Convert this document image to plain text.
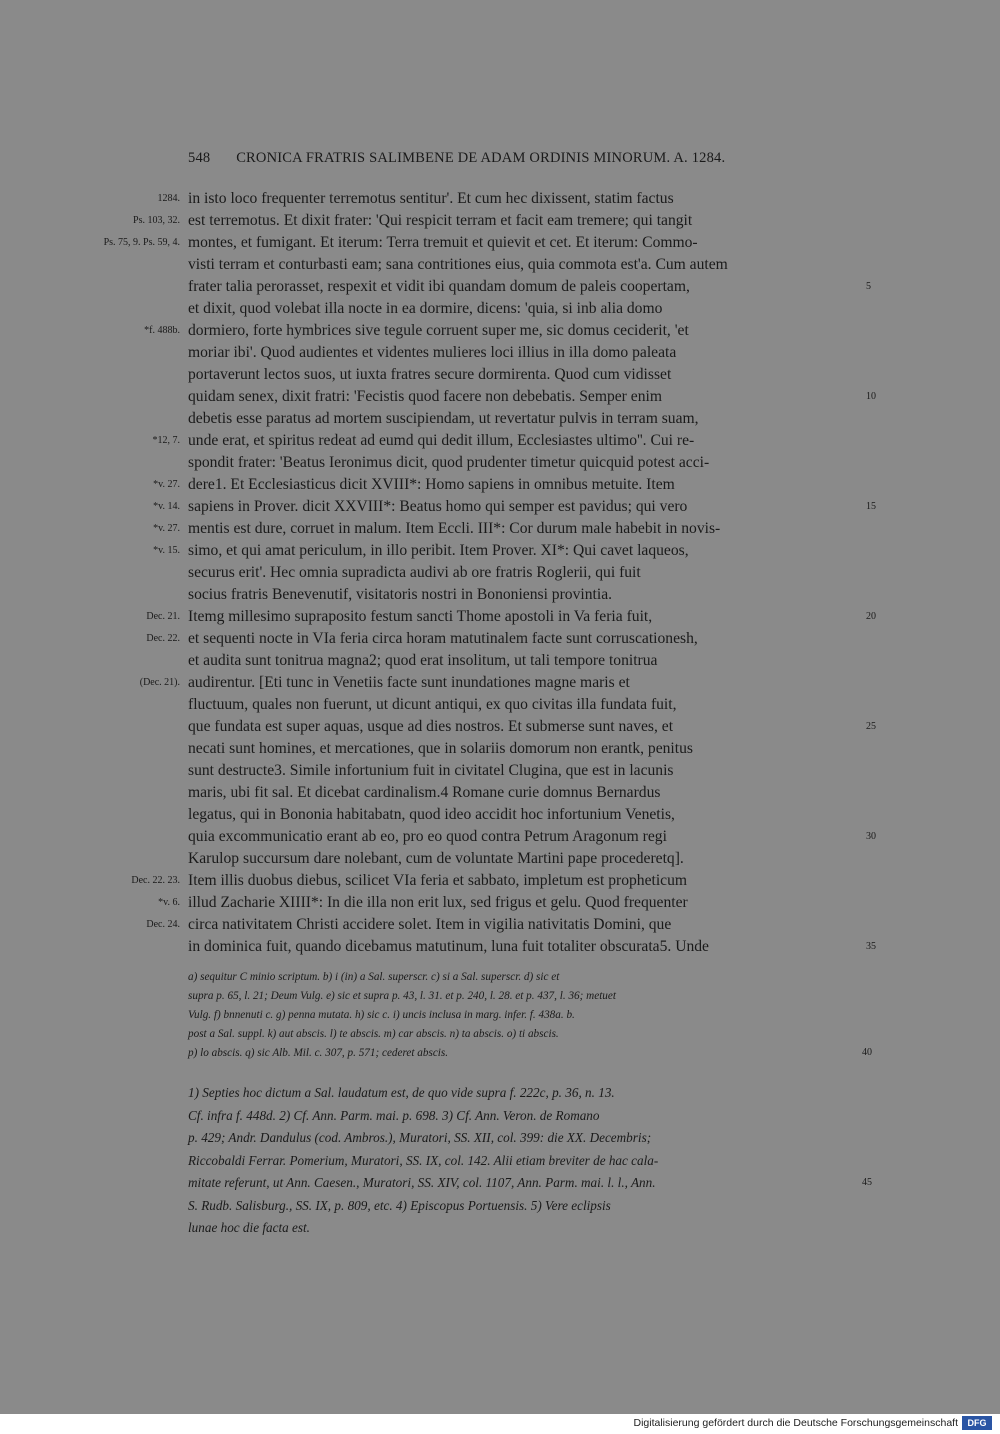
548 CRONICA FRATRIS SALIMBENE DE ADAM ORDINIS MINORUM. A. 1284.
in isto loco frequenter terremotus sentitur'. Et cum hec dixissent, statim factus
1284.
est terremotus. Et dixit frater: 'Qui respicit terram et facit eam tremere; qui tangit
Ps. 103, 32.
montes, et fumigant. Et iterum: Terra tremuit et quievit et cet. Et iterum: Commo-
Ps. 75, 9. Ps. 59, 4.
visti terram et conturbasti eam; sana contritiones eius, quia commota est'a. Cum autem
frater talia perorasset, respexit et vidit ibi quandam domum de paleis coopertam,	5
et dixit, quod volebat illa nocte in ea dormire, dicens: 'quia, si inb alia domo
dormiero, forte hymbrices sive tegule corruent super me, sic domus ceciderit, 'et
*f. 488b.
moriar ibi'. Quod audientes et videntes mulieres loci illius in illa domo paleata
portaverunt lectos suos, ut iuxta fratres secure dormirenta. Quod cum vidisset
quidam senex, dixit fratri: 'Fecistis quod facere non debebatis. Semper enim	10
debetis esse paratus ad mortem suscipiendam, ut revertatur pulvis in terram suam,
unde erat, et spiritus redeat ad eumd qui dedit illum, Ecclesiastes ultimo''. Cui re-
*12, 7.
spondit frater: 'Beatus Ieronimus dicit, quod prudenter timetur quicquid potest acci-
dere1. Et Ecclesiasticus dicit XVIII*: Homo sapiens in omnibus metuite. Item
*v. 27.
sapiens in Prover. dicit XXVIII*: Beatus homo qui semper est pavidus; qui vero
*v. 14.	15
mentis est dure, corruet in malum. Item Eccli. III*: Cor durum male habebit in novis-
*v. 27.
simo, et qui amat periculum, in illo peribit. Item Prover. XI*: Qui cavet laqueos,
*v. 15.
securus erit'. Hec omnia supradicta audivi ab ore fratris Roglerii, qui fuit
socius fratris Benevenutif, visitatoris nostri in Bononiensi provintia.
Itemg millesimo supraposito festum sancti Thome apostoli in Va feria fuit,
Dec. 21.	20
et sequenti nocte in VIa feria circa horam matutinalem facte sunt corruscationesh,
Dec. 22.
et audita sunt tonitrua magna2; quod erat insolitum, ut tali tempore tonitrua
audirentur. [Eti tunc in Venetiis facte sunt inundationes magne maris et
(Dec. 21).
fluctuum, quales non fuerunt, ut dicunt antiqui, ex quo civitas illa fundata fuit,
que fundata est super aquas, usque ad dies nostros. Et submerse sunt naves, et	25
necati sunt homines, et mercationes, que in solariis domorum non erantk, penitus
sunt destructe3. Simile infortunium fuit in civitatel Clugina, que est in lacunis
maris, ubi fit sal. Et dicebat cardinalism.4 Romane curie domnus Bernardus
legatus, qui in Bononia habitabatn, quod ideo accidit hoc infortunium Venetis,
quia excommunicatio erant ab eo, pro eo quod contra Petrum Aragonum regi	30
Karulop succursum dare nolebant, cum de voluntate Martini pape procederetq].
Item illis duobus diebus, scilicet VIa feria et sabbato, impletum est propheticum
Dec. 22. 23.
illud Zacharie XIIII*: In die illa non erit lux, sed frigus et gelu. Quod frequenter
*v. 6.
circa nativitatem Christi accidere solet. Item in vigilia nativitatis Domini, que
Dec. 24.
in dominica fuit, quando dicebamus matutinum, luna fuit totaliter obscurata5. Unde	35
a) sequitur C minio scriptum. b) i (in) a Sal. superscr. c) si a Sal. superscr. d) sic et
supra p. 65, l. 21; Deum Vulg. e) sic et supra p. 43, l. 31. et p. 240, l. 28. et p. 437, l. 36; metuet
Vulg. f) bnnenuti c. g) penna mutata. h) sic c. i) uncis inclusa in marg. infer. f. 438a. b.
post a Sal. suppl. k) aut abscis. l) te abscis. m) car abscis. n) ta abscis. o) ti abscis.
p) lo abscis. q) sic Alb. Mil. c. 307, p. 571; cederet abscis.	40
1) Septies hoc dictum a Sal. laudatum est, de quo vide supra f. 222c, p. 36, n. 13.
Cf. infra f. 448d. 2) Cf. Ann. Parm. mai. p. 698. 3) Cf. Ann. Veron. de Romano
p. 429; Andr. Dandulus (cod. Ambros.), Muratori, SS. XII, col. 399: die XX. Decembris;
Riccobaldi Ferrar. Pomerium, Muratori, SS. IX, col. 142. Alii etiam breviter de hac cala-
mitate referunt, ut Ann. Caesen., Muratori, SS. XIV, col. 1107, Ann. Parm. mai. l. l., Ann.
S. Rudb. Salisburg., SS. IX, p. 809, etc. 4) Episcopus Portuensis. 5) Vere eclipsis
lunae hoc die facta est.
45
Digitalisierung gefördert durch die Deutsche Forschungsgemeinschaft	DFG
